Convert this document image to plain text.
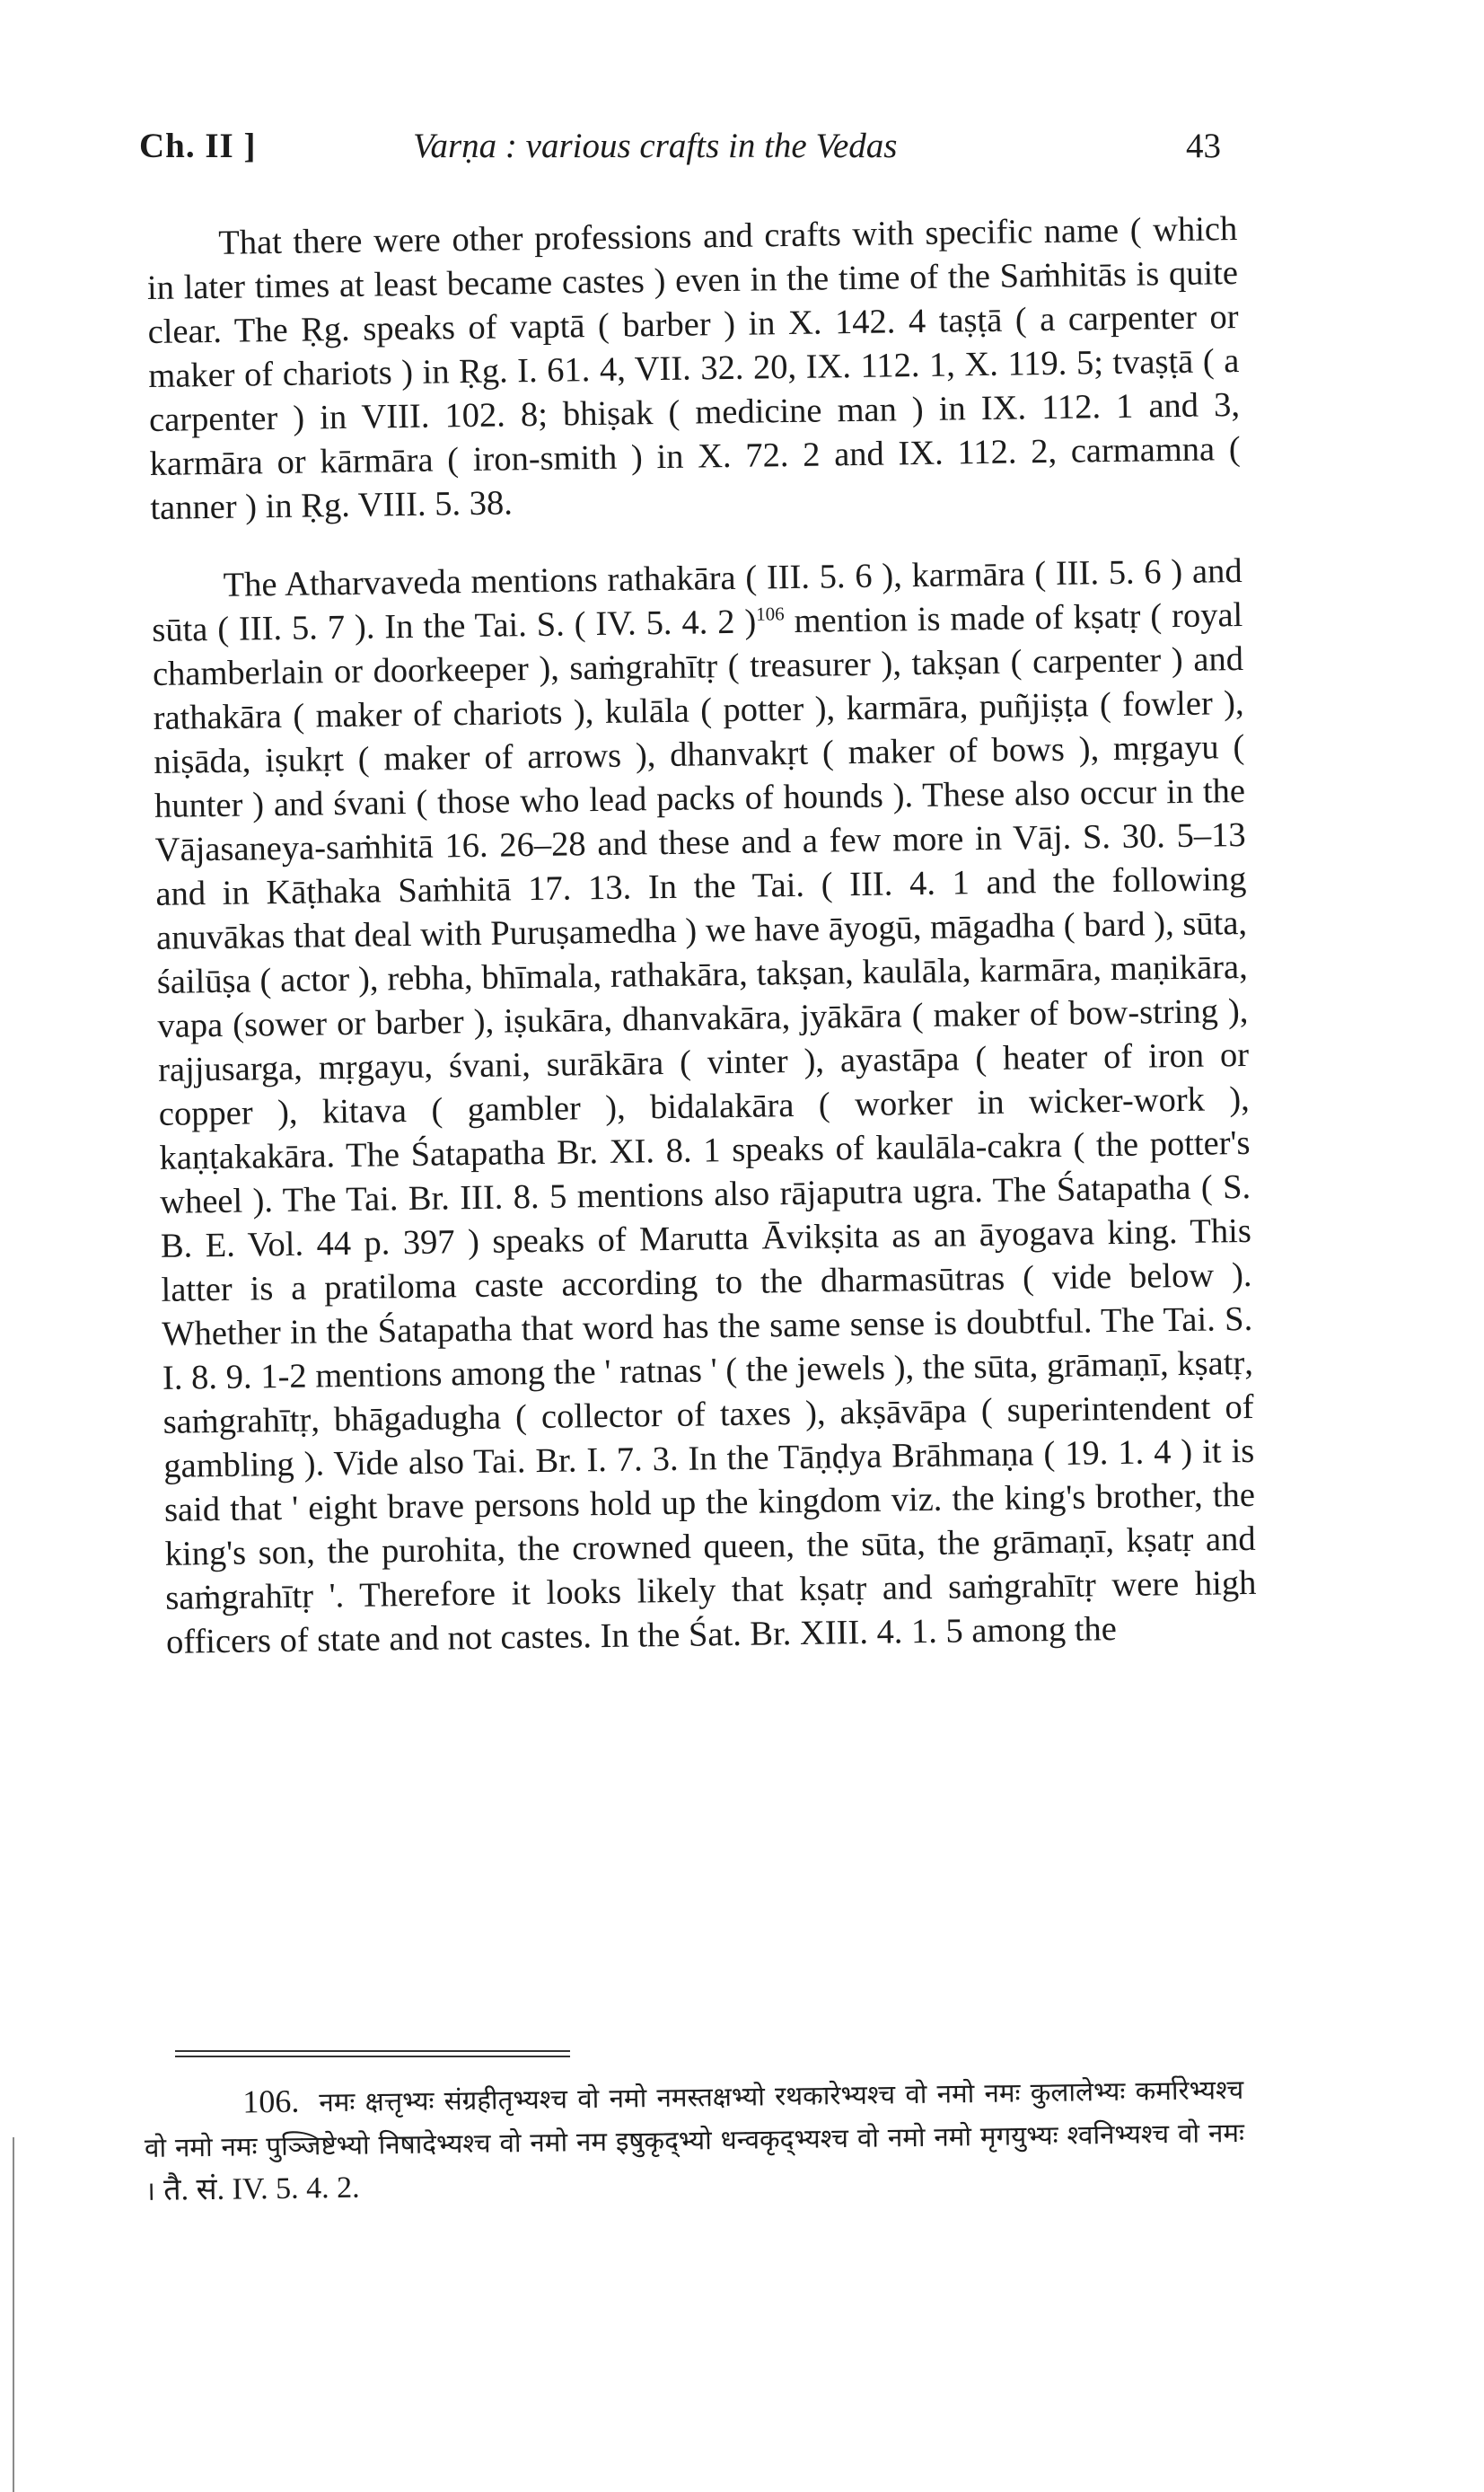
Ch. II ]	Varṇa : various crafts in the Vedas	43

That there were other professions and crafts with specific name ( which in later times at least became castes ) even in the time of the Saṁhitās is quite clear. The Ṛg. speaks of vaptā ( barber ) in X. 142. 4 taṣṭā ( a carpenter or maker of chariots ) in Ṛg. I. 61. 4, VII. 32. 20, IX. 112. 1, X. 119. 5; tvaṣṭā ( a carpenter ) in VIII. 102. 8; bhiṣak ( medicine man ) in IX. 112. 1 and 3, karmāra or kārmāra ( iron-smith ) in X. 72. 2 and IX. 112. 2, carmamna ( tanner ) in Ṛg. VIII. 5. 38.

The Atharvaveda mentions rathakāra ( III. 5. 6 ), karmāra ( III. 5. 6 ) and sūta ( III. 5. 7 ). In the Tai. S. ( IV. 5. 4. 2 )$^{106}$ mention is made of kṣatṛ ( royal chamberlain or doorkeeper ), saṁgrahītṛ ( treasurer ), takṣan ( carpenter ) and rathakāra ( maker of chariots ), kulāla ( potter ), karmāra, puñjiṣṭa ( fowler ), niṣāda, iṣukṛt ( maker of arrows ), dhanvakṛt ( maker of bows ), mṛgayu ( hunter ) and śvani ( those who lead packs of hounds ). These also occur in the Vājasaneya-saṁhitā 16. 26–28 and these and a few more in Vāj. S. 30. 5–13 and in Kāṭhaka Saṁhitā 17. 13. In the Tai. ( III. 4. 1 and the following anuvākas that deal with Puruṣamedha ) we have āyogū, māgadha ( bard ), sūta, śailūṣa ( actor ), rebha, bhīmala, rathakāra, takṣan, kaulāla, karmāra, maṇikāra, vapa (sower or barber ), iṣukāra, dhanvakāra, jyākāra ( maker of bow-string ), rajjusarga, mṛgayu, śvani, surākāra ( vinter ), ayastāpa ( heater of iron or copper ), kitava ( gambler ), bidalakāra ( worker in wicker-work ), kaṇṭakakāra. The Śatapatha Br. XI. 8. 1 speaks of kaulāla-cakra ( the potter's wheel ). The Tai. Br. III. 8. 5 mentions also rājaputra ugra. The Śatapatha ( S. B. E. Vol. 44 p. 397 ) speaks of Marutta Āvikṣita as an āyogava king. This latter is a pratiloma caste according to the dharmasūtras ( vide below ). Whether in the Śatapatha that word has the same sense is doubtful. The Tai. S. I. 8. 9. 1-2 mentions among the ' ratnas ' ( the jewels ), the sūta, grāmaṇī, kṣatṛ, saṁgrahītṛ, bhāgadugha ( collector of taxes ), akṣāvāpa ( superintendent of gambling ). Vide also Tai. Br. I. 7. 3. In the Tāṇḍya Brāhmaṇa ( 19. 1. 4 ) it is said that ' eight brave persons hold up the kingdom viz. the king's brother, the king's son, the purohita, the crowned queen, the sūta, the grāmaṇī, kṣatṛ and saṁgrahītṛ '. Therefore it looks likely that kṣatṛ and saṁgrahītṛ were high officers of state and not castes. In the Śat. Br. XIII. 4. 1. 5 among the

106. नमः क्षत्तृभ्यः संग्रहीतृभ्यश्च वो नमो नमस्तक्षभ्यो रथकारेभ्यश्च वो नमो नमः कुलालेभ्यः कर्मारेभ्यश्च वो नमो नमः पुञ्जिष्टेभ्यो निषादेभ्यश्च वो नमो नम इषुकृद्भ्यो धन्वकृद्भ्यश्च वो नमो नमो मृगयुभ्यः श्वनिभ्यश्च वो नमः । तै. सं. IV. 5. 4. 2.
